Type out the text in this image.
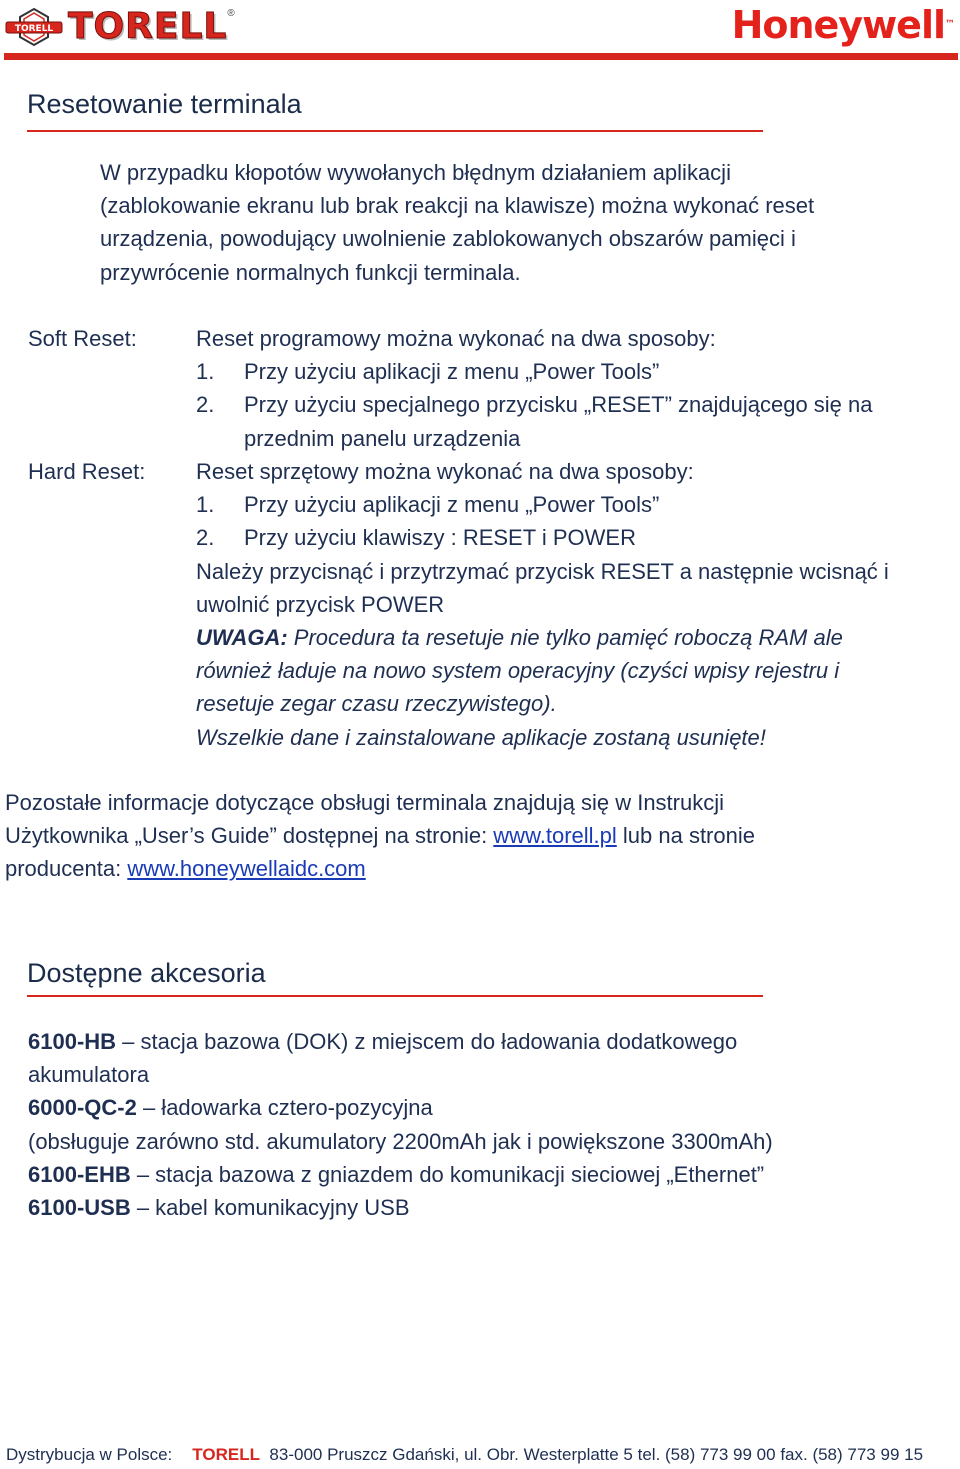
TORELL TORELL ®	Honeywell™
Resetowanie terminala
W przypadku kłopotów wywołanych błędnym działaniem aplikacji
(zablokowanie ekranu lub brak reakcji na klawisze) można wykonać reset
urządzenia, powodujący uwolnienie zablokowanych obszarów pamięci i
przywrócenie normalnych funkcji terminala.
Soft Reset:	Reset programowy można wykonać na dwa sposoby:
1. Przy użyciu aplikacji z menu „Power Tools”
2. Przy użyciu specjalnego przycisku „RESET” znajdującego się na
przednim panelu urządzenia
Hard Reset: Reset sprzętowy można wykonać na dwa sposoby:
1. Przy użyciu aplikacji z menu „Power Tools”
2. Przy użyciu klawiszy : RESET i POWER
Należy przycisnąć i przytrzymać przycisk RESET a następnie wcisnąć i
uwolnić przycisk POWER
UWAGA: Procedura ta resetuje nie tylko pamięć roboczą RAM ale
również ładuje na nowo system operacyjny (czyści wpisy rejestru i
resetuje zegar czasu rzeczywistego).
Wszelkie dane i zainstalowane aplikacje zostaną usunięte!
Pozostałe informacje dotyczące obsługi terminala znajdują się w Instrukcji
Użytkownika „User’s Guide” dostępnej na stronie: www.torell.pl lub na stronie
producenta: www.honeywellaidc.com
Dostępne akcesoria
6100-HB – stacja bazowa (DOK) z miejscem do ładowania dodatkowego
akumulatora
6000-QC-2 – ładowarka cztero-pozycyjna
(obsługuje zarówno std. akumulatory 2200mAh jak i powiększone 3300mAh)
6100-EHB – stacja bazowa z gniazdem do komunikacji sieciowej „Ethernet”
6100-USB – kabel komunikacyjny USB
Dystrybucja w Polsce: TORELL 83-000 Pruszcz Gdański, ul. Obr. Westerplatte 5 tel. (58) 773 99 00 fax. (58) 773 99 15
